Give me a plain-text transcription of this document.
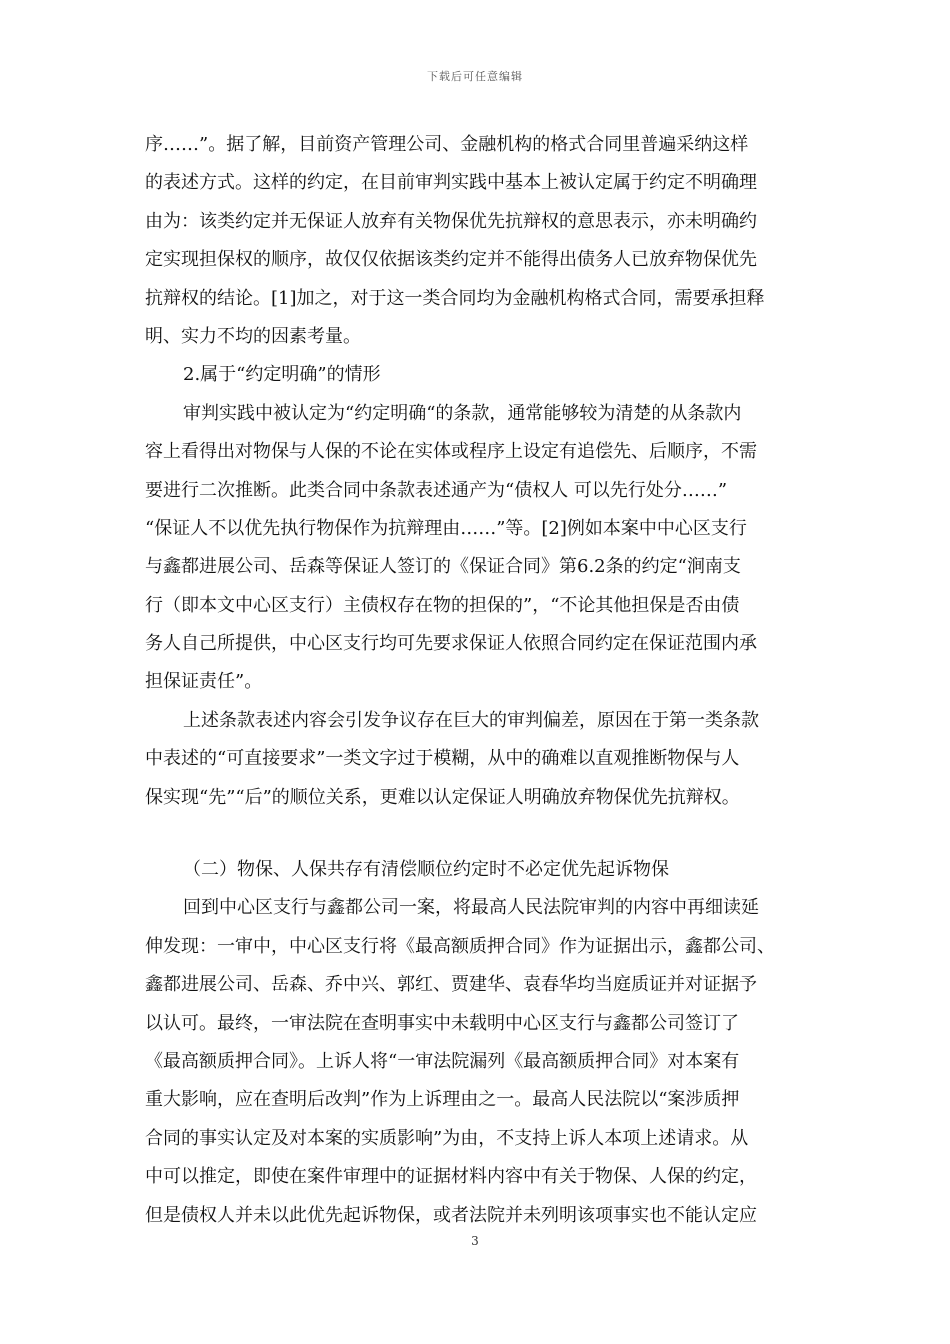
下载后可任意编辑
序……”。据了解，目前资产管理公司、金融机构的格式合同里普遍采纳这样
的表述方式。这样的约定，在目前审判实践中基本上被认定属于约定不明确理
由为：该类约定并无保证人放弃有关物保优先抗辩权的意思表示，亦未明确约
定实现担保权的顺序，故仅仅依据该类约定并不能得出债务人已放弃物保优先
抗辩权的结论。[1]加之，对于这一类合同均为金融机构格式合同，需要承担释
明、实力不均的因素考量。
2.属于“约定明确”的情形
审判实践中被认定为“约定明确“的条款，通常能够较为清楚的从条款内
容上看得出对物保与人保的不论在实体或程序上设定有追偿先、后顺序，不需
要进行二次推断。此类合同中条款表述通产为“债权人 可以先行处分……”
“保证人不以优先执行物保作为抗辩理由……”等。[2]例如本案中中心区支行
与鑫都进展公司、岳森等保证人签订的《保证合同》第6.2条的约定“涧南支
行（即本文中心区支行）主债权存在物的担保的”，“不论其他担保是否由债
务人自己所提供，中心区支行均可先要求保证人依照合同约定在保证范围内承
担保证责任”。
上述条款表述内容会引发争议存在巨大的审判偏差，原因在于第一类条款
中表述的“可直接要求”一类文字过于模糊，从中的确难以直观推断物保与人
保实现“先”“后”的顺位关系，更难以认定保证人明确放弃物保优先抗辩权。
（二）物保、人保共存有清偿顺位约定时不必定优先起诉物保
回到中心区支行与鑫都公司一案，将最高人民法院审判的内容中再细读延
伸发现：一审中，中心区支行将《最高额质押合同》作为证据出示，鑫都公司、
鑫都进展公司、岳森、乔中兴、郭红、贾建华、袁春华均当庭质证并对证据予
以认可。最终，一审法院在查明事实中未载明中心区支行与鑫都公司签订了
《最高额质押合同》。上诉人将“一审法院漏列《最高额质押合同》对本案有
重大影响，应在查明后改判”作为上诉理由之一。最高人民法院以“案涉质押
合同的事实认定及对本案的实质影响”为由，不支持上诉人本项上述请求。从
中可以推定，即使在案件审理中的证据材料内容中有关于物保、人保的约定，
但是债权人并未以此优先起诉物保，或者法院并未列明该项事实也不能认定应
3
